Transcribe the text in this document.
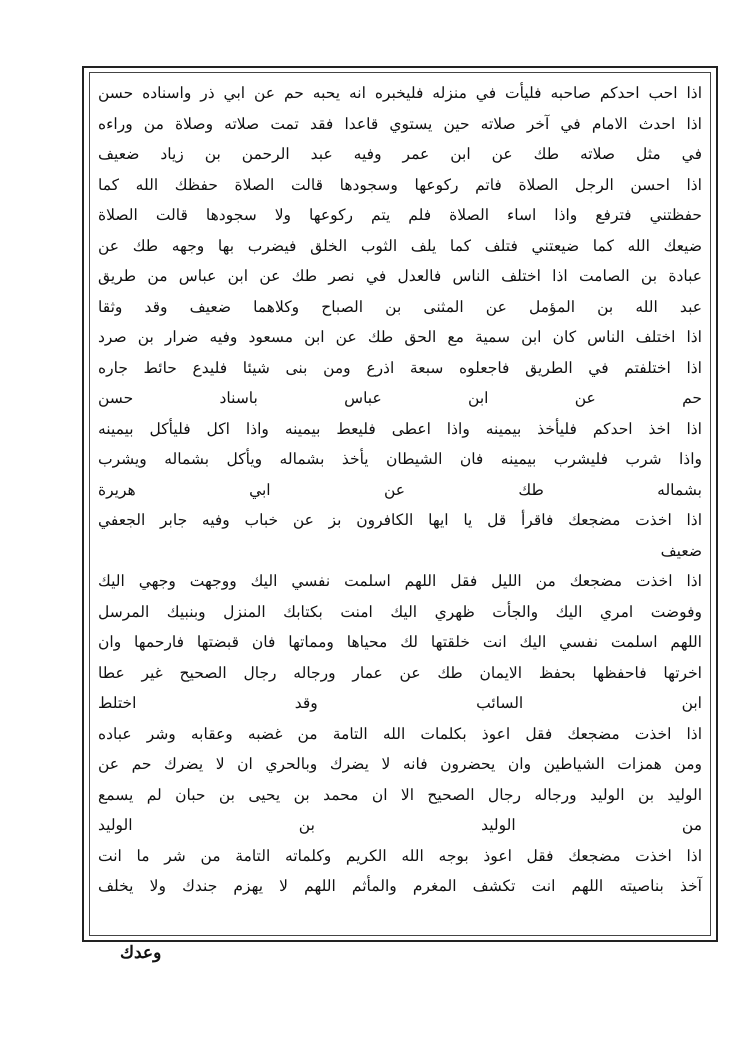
اذا احب احدكم صاحبه فليأت في منزله فليخبره انه يحبه حم عن ابي ذر واسناده حسن
اذا احدث الامام في آخر صلاته حين يستوي قاعدا فقد تمت صلاته وصلاة من وراءه
في مثل صلاته طك عن ابن عمر وفيه عبد الرحمن بن زياد ضعيف
اذا احسن الرجل الصلاة فاتم ركوعها وسجودها قالت الصلاة حفظك الله كما
حفظتني فترفع واذا اساء الصلاة فلم يتم ركوعها ولا سجودها قالت الصلاة
ضيعك الله كما ضيعتني فتلف كما يلف الثوب الخلق فيضرب بها وجهه طك عن
عبادة بن الصامت اذا اختلف الناس فالعدل في نصر طك عن ابن عباس من طريق
عبد الله بن المؤمل عن المثنى بن الصباح وكلاهما ضعيف وقد وثقا
اذا اختلف الناس كان ابن سمية مع الحق طك عن ابن مسعود وفيه ضرار بن صرد
اذا اختلفتم في الطريق فاجعلوه سبعة اذرع ومن بنى شيئا فليدع حائط جاره
حم عن ابن عباس باسناد حسن
اذا اخذ احدكم فليأخذ بيمينه واذا اعطى فليعط بيمينه واذا اكل فليأكل بيمينه
واذا شرب فليشرب بيمينه فان الشيطان يأخذ بشماله ويأكل بشماله ويشرب
بشماله طك عن ابي هريرة
اذا اخذت مضجعك فاقرأ قل يا ايها الكافرون بز عن خباب وفيه جابر الجعفي
ضعيف
اذا اخذت مضجعك من الليل فقل اللهم اسلمت نفسي اليك ووجهت وجهي اليك
وفوضت امري اليك والجأت ظهري اليك امنت بكتابك المنزل وبنبيك المرسل
اللهم اسلمت نفسي اليك انت خلقتها لك محياها ومماتها فان قبضتها فارحمها وان
اخرتها فاحفظها بحفظ الايمان طك عن عمار ورجاله رجال الصحيح غير عطا
ابن السائب وقد اختلط
اذا اخذت مضجعك فقل اعوذ بكلمات الله التامة من غضبه وعقابه وشر عباده
ومن همزات الشياطين وان يحضرون فانه لا يضرك وبالحري ان لا يضرك حم عن
الوليد بن الوليد ورجاله رجال الصحيح الا ان محمد بن يحيى بن حبان لم يسمع
من الوليد بن الوليد
اذا اخذت مضجعك فقل اعوذ بوجه الله الكريم وكلماته التامة من شر ما انت
آخذ بناصيته اللهم انت تكشف المغرم والمأثم اللهم لا يهزم جندك ولا يخلف
وعدك
